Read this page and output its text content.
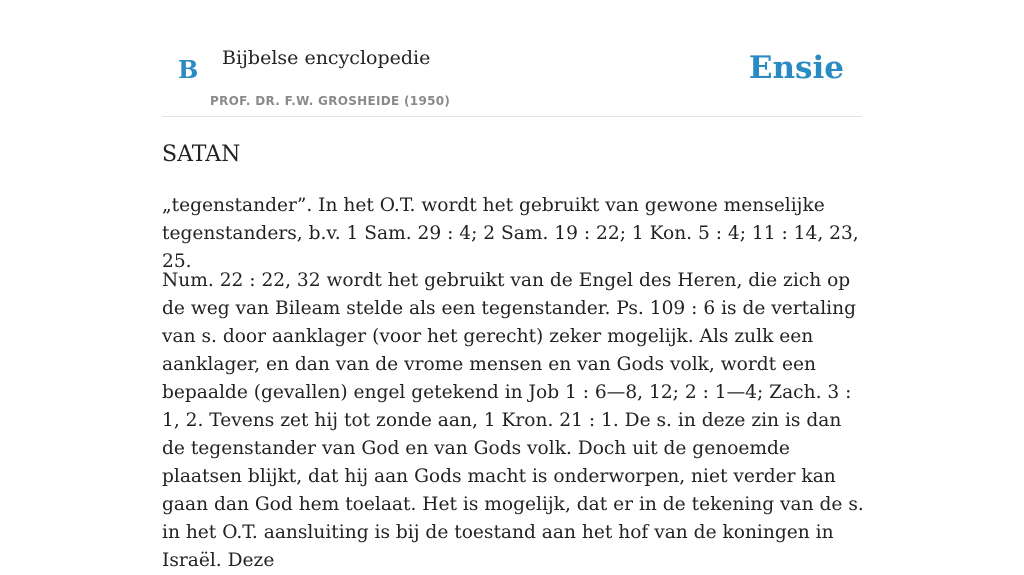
B Bijbelse encyclopedie
PROF. DR. F.W. GROSHEIDE (1950)
Ensie
SATAN

„tegenstander”. In het O.T. wordt het gebruikt van gewone menselijke tegenstanders, b.v. 1 Sam. 29 : 4; 2 Sam. 19 : 22; 1 Kon. 5 : 4; 11 : 14, 23, 25.

Num. 22 : 22, 32 wordt het gebruikt van de Engel des Heren, die zich op de weg van Bileam stelde als een tegenstander. Ps. 109 : 6 is de vertaling van s. door aanklager (voor het gerecht) zeker mogelijk. Als zulk een aanklager, en dan van de vrome mensen en van Gods volk, wordt een bepaalde (gevallen) engel getekend in Job 1 : 6—8, 12; 2 : 1—4; Zach. 3 : 1, 2. Tevens zet hij tot zonde aan, 1 Kron. 21 : 1. De s. in deze zin is dan de tegenstander van God en van Gods volk. Doch uit de genoemde plaatsen blijkt, dat hij aan Gods macht is onderworpen, niet verder kan gaan dan God hem toelaat. Het is mogelijk, dat er in de tekening van de s. in het O.T. aansluiting is bij de toestand aan het hof van de koningen in Israël. Deze
